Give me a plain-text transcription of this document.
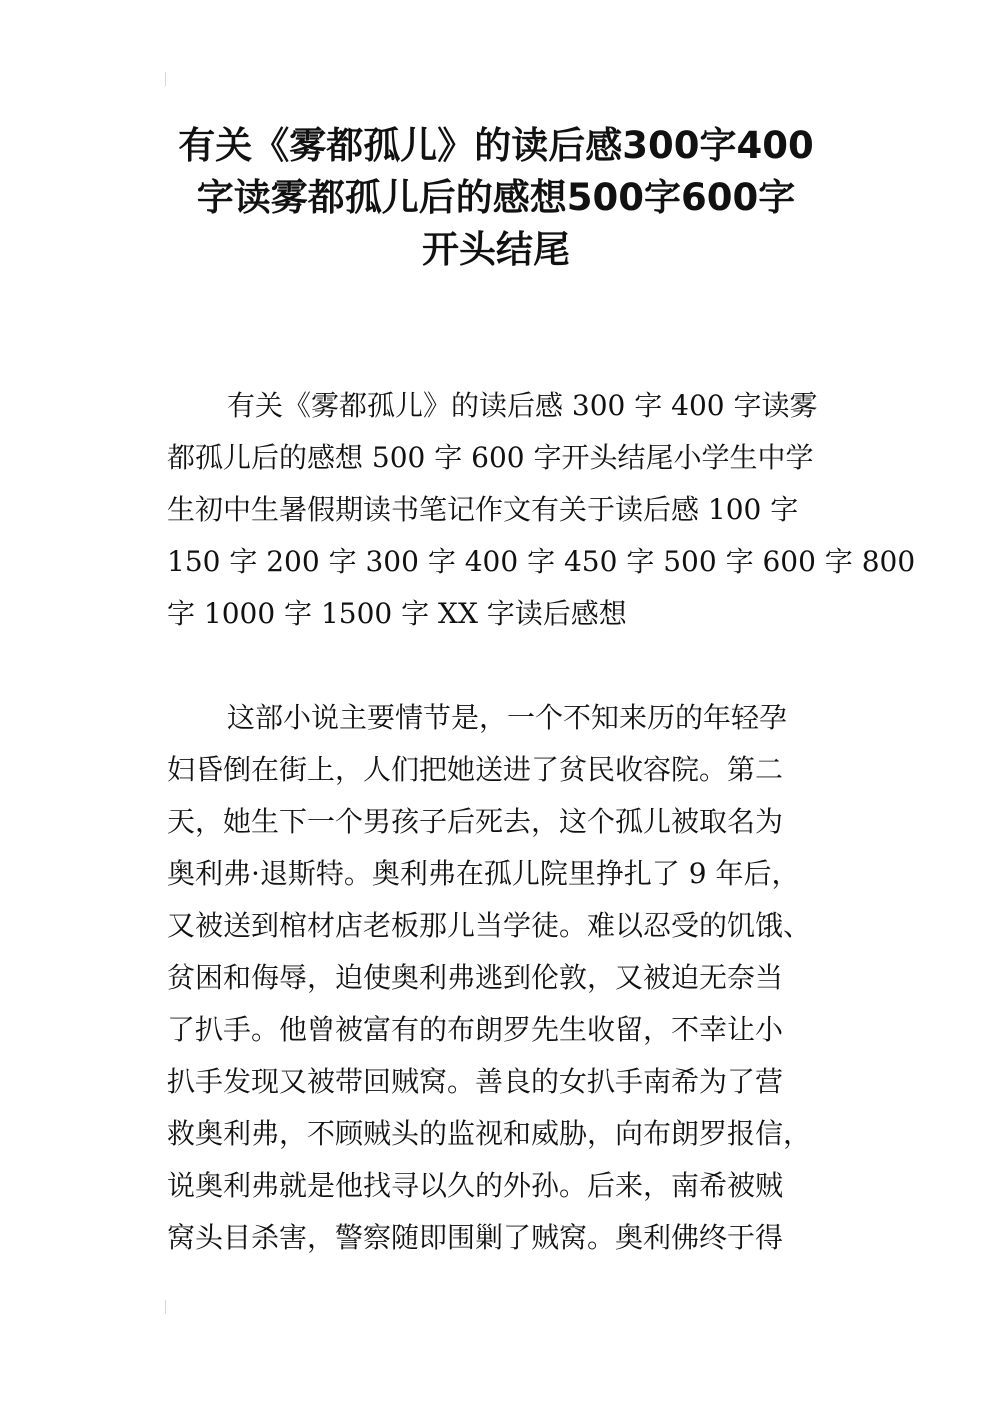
有关《雾都孤儿》的读后感300字400
字读雾都孤儿后的感想500字600字
开头结尾
有关《雾都孤儿》的读后感 300 字 400 字读雾
都孤儿后的感想 500 字 600 字开头结尾小学生中学
生初中生暑假期读书笔记作文有关于读后感 100 字
150 字 200 字 300 字 400 字 450 字 500 字 600 字 800
字 1000 字 1500 字 XX 字读后感想
这部小说主要情节是，一个不知来历的年轻孕
妇昏倒在街上，人们把她送进了贫民收容院。第二
天，她生下一个男孩子后死去，这个孤儿被取名为
奥利弗·退斯特。奥利弗在孤儿院里挣扎了 9 年后，
又被送到棺材店老板那儿当学徒。难以忍受的饥饿、
贫困和侮辱，迫使奥利弗逃到伦敦，又被迫无奈当
了扒手。他曾被富有的布朗罗先生收留，不幸让小
扒手发现又被带回贼窝。善良的女扒手南希为了营
救奥利弗，不顾贼头的监视和威胁，向布朗罗报信，
说奥利弗就是他找寻以久的外孙。后来，南希被贼
窝头目杀害，警察随即围剿了贼窝。奥利佛终于得
